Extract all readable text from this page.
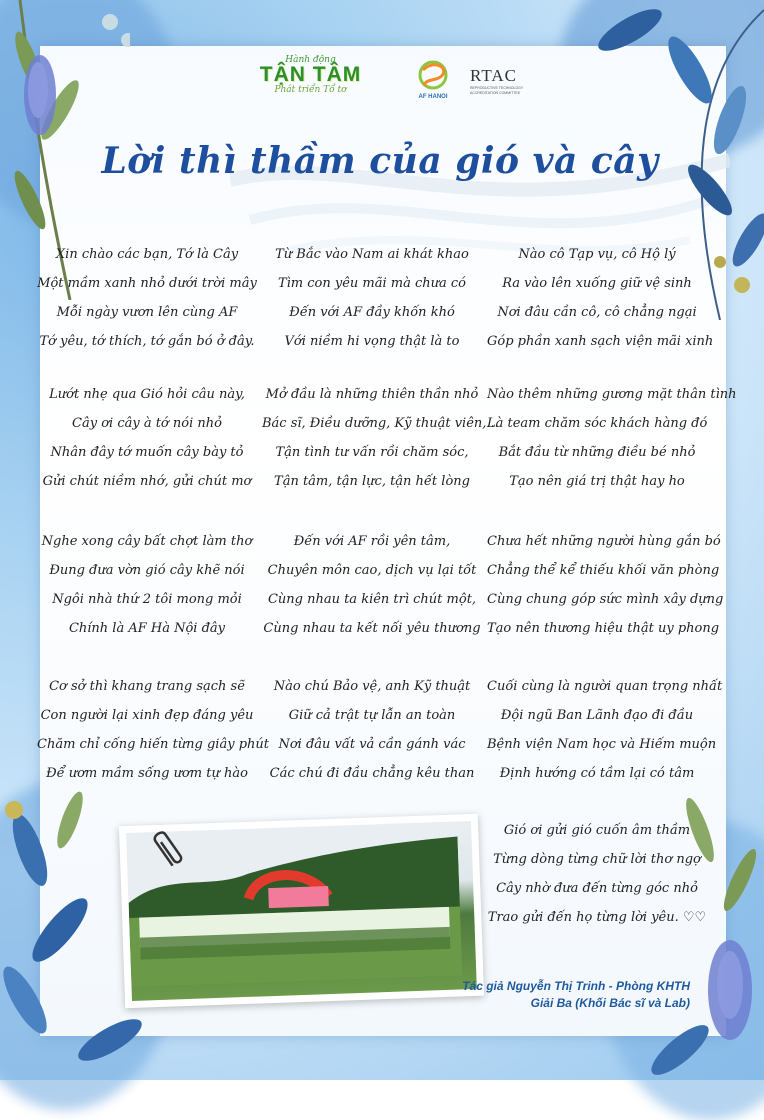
Hành động
TẬN TÂM
Phát triển Tổ tơ
AF HANOI
RTAC
REPRODUCTIVE TECHNOLOGY ACCREDITATION COMMITTEE
Lời thì thầm của gió và cây
Xin chào các bạn, Tớ là Cây
Một mầm xanh nhỏ dưới trời mây
Mỗi ngày vươn lên cùng AF
Tớ yêu, tớ thích, tớ gắn bó ở đây.
Từ Bắc vào Nam ai khát khao
Tìm con yêu mãi mà chưa có
Đến với AF đầy khốn khó
Với niềm hi vọng thật là to
Nào cô Tạp vụ, cô Hộ lý
Ra vào lên xuống giữ vệ sinh
Nơi đâu cần cô, cô chẳng ngại
Góp phần xanh sạch viện mãi xinh
Lướt nhẹ qua Gió hỏi câu này,
Cây ơi cây à tớ nói nhỏ
Nhân đây tớ muốn cây bày tỏ
Gửi chút niềm nhớ, gửi chút mơ
Mở đầu là những thiên thần nhỏ
Bác sĩ, Điều dưỡng, Kỹ thuật viên,...
Tận tình tư vấn rồi chăm sóc,
Tận tâm, tận lực, tận hết lòng
Nào thêm những gương mặt thân tình
Là team chăm sóc khách hàng đó
Bắt đầu từ những điều bé nhỏ
Tạo nên giá trị thật hay ho
Nghe xong cây bất chợt làm thơ
Đung đưa vờn gió cây khẽ nói
Ngôi nhà thứ 2 tôi mong mỏi
Chính là AF Hà Nội đây
Đến với AF rồi yên tâm,
Chuyên môn cao, dịch vụ lại tốt
Cùng nhau ta kiên trì chút một,
Cùng nhau ta kết nối yêu thương
Chưa hết những người hùng gắn bó
Chẳng thể kể thiếu khối văn phòng
Cùng chung góp sức mình xây dựng
Tạo nên thương hiệu thật uy phong
Cơ sở thì khang trang sạch sẽ
Con người lại xinh đẹp đáng yêu
Chăm chỉ cống hiến từng giây phút
Để ươm mầm sống ươm tự hào
Nào chú Bảo vệ, anh Kỹ thuật
Giữ cả trật tự lẫn an toàn
Nơi đâu vất vả cần gánh vác
Các chú đi đầu chẳng kêu than
Cuối cùng là người quan trọng nhất
Đội ngũ Ban Lãnh đạo đi đầu
Bệnh viện Nam học và Hiếm muộn
Định hướng có tầm lại có tâm
Gió ơi gửi gió cuốn âm thầm
Từng dòng từng chữ lời thơ ngợ
Cây nhờ đưa đến từng góc nhỏ
Trao gửi đến họ từng lời yêu. ♡♡
Tác giả Nguyễn Thị Trinh - Phòng KHTH
Giải Ba (Khối Bác sĩ và Lab)
